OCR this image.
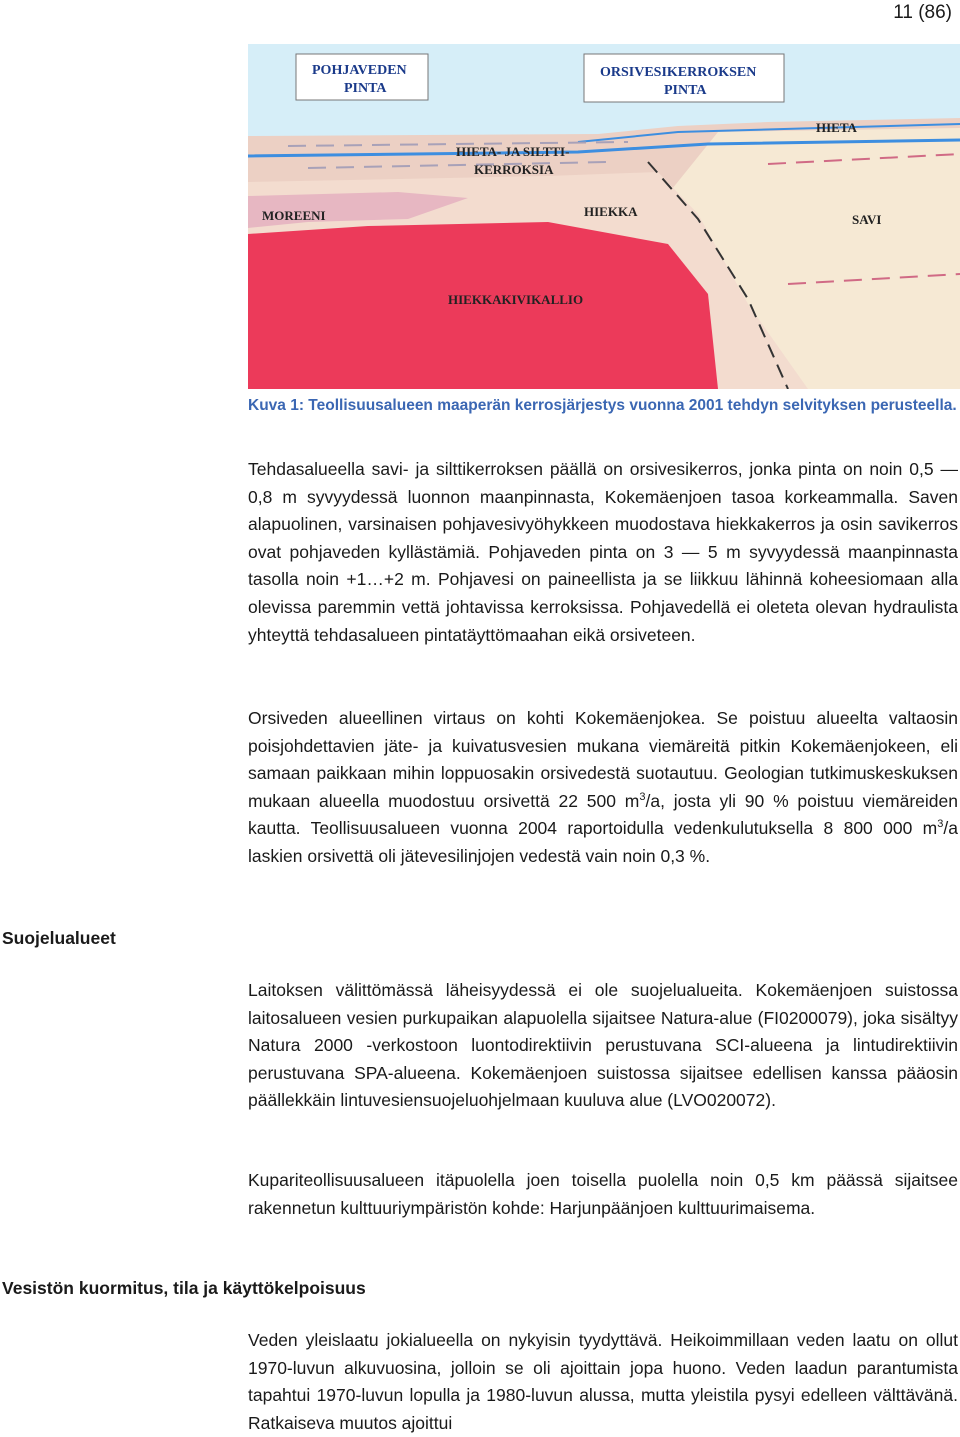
11 (86)
POHJAVEDEN
PINTA
ORSIVESIKERROKSEN
PINTA
HIETA
HIETA- JA SILTTI-
KERROKSIA
MOREENI	HIEKKA
SAVI
HIEKKAKIVIKALLIO
Kuva 1: Teollisuusalueen maaperän kerrosjärjestys vuonna 2001 tehdyn selvityksen perusteella.

Tehdasalueella savi- ja silttikerroksen päällä on orsivesikerros, jonka pinta on noin 0,5 — 0,8 m syvyydessä luonnon maanpinnasta, Kokemäenjoen tasoa korkeammalla. Saven alapuolinen, varsinaisen pohjavesivyöhykkeen muodostava hiekkakerros ja osin savikerros ovat pohjaveden kyllästämiä. Pohjaveden pinta on 3 — 5 m syvyydessä maanpinnasta tasolla noin +1…+2 m. Pohjavesi on paineellista ja se liikkuu lähinnä koheesiomaan alla olevissa paremmin vettä johtavissa kerroksissa. Pohjavedellä ei oleteta olevan hydraulista yhteyttä tehdasalueen pintatäyttömaahan eikä orsiveteen.

Orsiveden alueellinen virtaus on kohti Kokemäenjokea. Se poistuu alueelta valtaosin poisjohdettavien jäte- ja kuivatusvesien mukana viemäreitä pitkin Kokemäenjokeen, eli samaan paikkaan mihin loppuosakin orsivedestä suotautuu. Geologian tutkimuskeskuksen mukaan alueella muodostuu orsivettä 22 500 $m^3/a$, josta yli 90 % poistuu viemäreiden kautta. Teollisuusalueen vuonna 2004 raportoidulla vedenkulutuksella 8 800 000 $m^3/a$ laskien orsivettä oli jätevesilinjojen vedestä vain noin 0,3 %.

Suojelualueet

Laitoksen välittömässä läheisyydessä ei ole suojelualueita. Kokemäenjoen suistossa laitosalueen vesien purkupaikan alapuolella sijaitsee Natura-alue (FI0200079), joka sisältyy Natura 2000 -verkostoon luontodirektiivin perustuvana SCI-alueena ja lintudirektiivin perustuvana SPA-alueena. Kokemäenjoen suistossa sijaitsee edellisen kanssa pääosin päällekkäin lintuvesiensuojeluohjelmaan kuuluva alue (LVO020072).

Kupariteollisuusalueen itäpuolella joen toisella puolella noin 0,5 km päässä sijaitsee rakennetun kulttuuriympäristön kohde: Harjunpäänjoen kulttuurimaisema.

Vesistön kuormitus, tila ja käyttökelpoisuus

Veden yleislaatu jokialueella on nykyisin tyydyttävä. Heikoimmillaan veden laatu on ollut 1970-luvun alkuvuosina, jolloin se oli ajoittain jopa huono. Veden laadun parantumista tapahtui 1970-luvun lopulla ja 1980-luvun alussa, mutta yleistila pysyi edelleen välttävänä. Ratkaiseva muutos ajoittui
